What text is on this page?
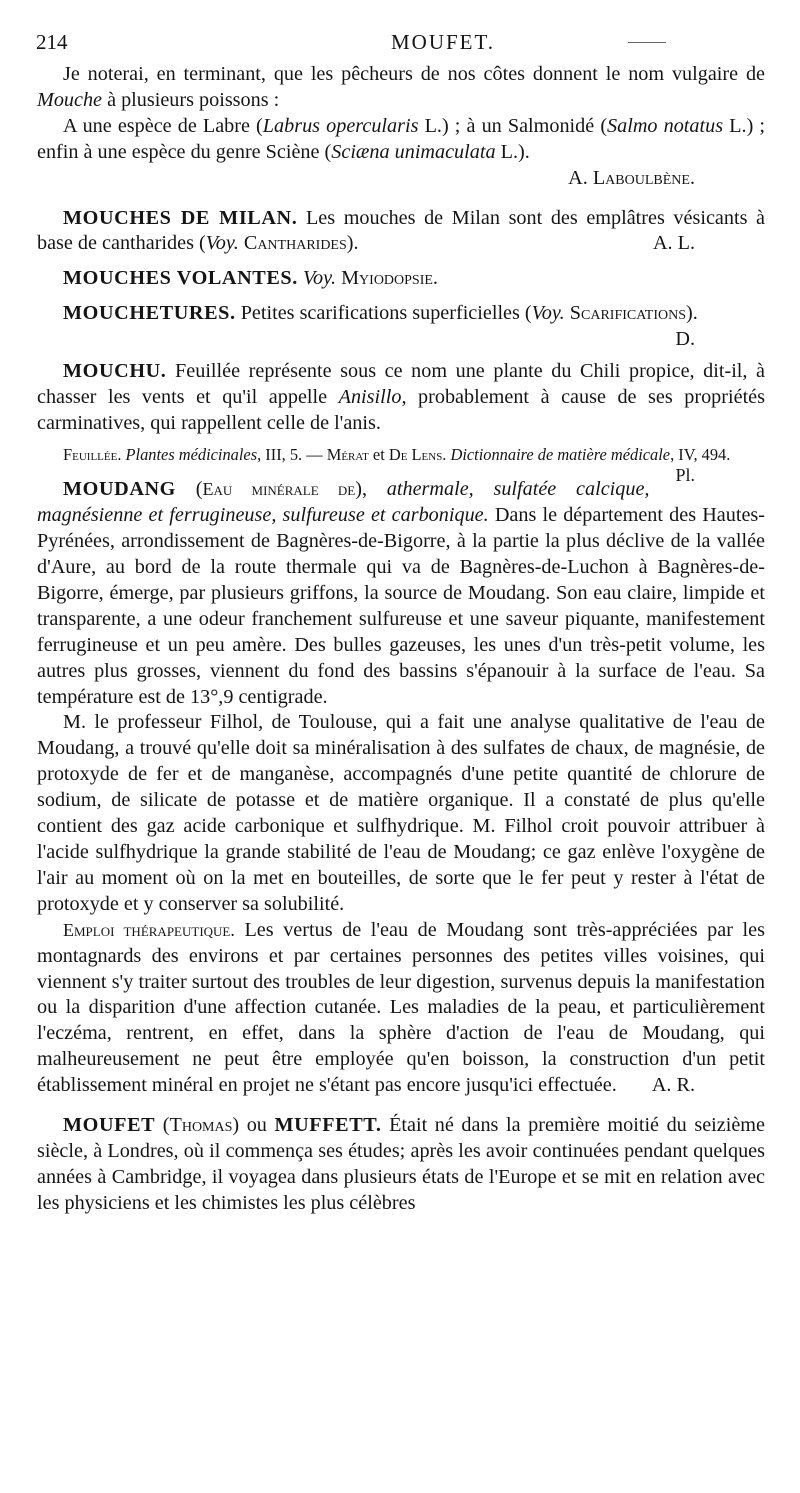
214	MOUFET.

Je noterai, en terminant, que les pêcheurs de nos côtes donnent le nom vulgaire de Mouche à plusieurs poissons :

A une espèce de Labre (Labrus opercularis L.) ; à un Salmonidé (Salmo notatus L.) ; enfin à une espèce du genre Sciène (Sciæna unimaculata L.).

A. Laboulbène.

MOUCHES DE MILAN. Les mouches de Milan sont des emplâtres vésicants à base de cantharides (Voy. Cantharides).	A. L.

MOUCHES VOLANTES. Voy. Myiodopsie.

MOUCHETURES. Petites scarifications superficielles (Voy. Scarifications).

D.

MOUCHU. Feuillée représente sous ce nom une plante du Chili propice, dit-il, à chasser les vents et qu'il appelle Anisillo, probablement à cause de ses propriétés carminatives, qui rappellent celle de l'anis.

Feuillée. Plantes médicinales, III, 5. — Mérat et De Lens. Dictionnaire de matière médicale, IV, 494.
Pl.

MOUDANG (Eau minérale de), athermale, sulfatée calcique, magnésienne et ferrugineuse, sulfureuse et carbonique. Dans le département des Hautes-Pyrénées, arrondissement de Bagnères-de-Bigorre, à la partie la plus déclive de la vallée d'Aure, au bord de la route thermale qui va de Bagnères-de-Luchon à Bagnères-de-Bigorre, émerge, par plusieurs griffons, la source de Moudang. Son eau claire, limpide et transparente, a une odeur franchement sulfureuse et une saveur piquante, manifestement ferrugineuse et un peu amère. Des bulles gazeuses, les unes d'un très-petit volume, les autres plus grosses, viennent du fond des bassins s'épanouir à la surface de l'eau. Sa température est de 13°,9 centigrade.

M. le professeur Filhol, de Toulouse, qui a fait une analyse qualitative de l'eau de Moudang, a trouvé qu'elle doit sa minéralisation à des sulfates de chaux, de magnésie, de protoxyde de fer et de manganèse, accompagnés d'une petite quantité de chlorure de sodium, de silicate de potasse et de matière organique. Il a constaté de plus qu'elle contient des gaz acide carbonique et sulfhydrique. M. Filhol croit pouvoir attribuer à l'acide sulfhydrique la grande stabilité de l'eau de Moudang; ce gaz enlève l'oxygène de l'air au moment où on la met en bouteilles, de sorte que le fer peut y rester à l'état de protoxyde et y conserver sa solubilité.

Emploi thérapeutique. Les vertus de l'eau de Moudang sont très-appréciées par les montagnards des environs et par certaines personnes des petites villes voisines, qui viennent s'y traiter surtout des troubles de leur digestion, survenus depuis la manifestation ou la disparition d'une affection cutanée. Les maladies de la peau, et particulièrement l'eczéma, rentrent, en effet, dans la sphère d'action de l'eau de Moudang, qui malheureusement ne peut être employée qu'en boisson, la construction d'un petit établissement minéral en projet ne s'étant pas encore jusqu'ici effectuée.	A. R.

MOUFET (Thomas) ou MUFFETT. Était né dans la première moitié du seizième siècle, à Londres, où il commença ses études; après les avoir continuées pendant quelques années à Cambridge, il voyagea dans plusieurs états de l'Europe et se mit en relation avec les physiciens et les chimistes les plus célèbres
